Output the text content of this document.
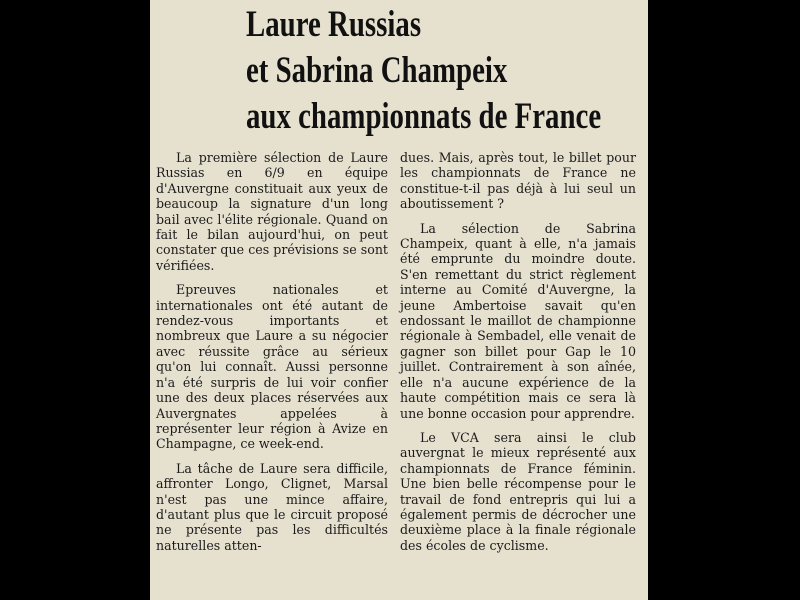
Laure Russias
et Sabrina Champeix
aux championnats de France

La première sélection de Laure Russias en 6/9 en équipe d'Auvergne constituait aux yeux de beaucoup la signature d'un long bail avec l'élite régionale. Quand on fait le bilan aujourd'hui, on peut constater que ces prévisions se sont vérifiées.

Epreuves nationales et internationales ont été autant de rendez-vous importants et nombreux que Laure a su négocier avec réussite grâce au sérieux qu'on lui connaît. Aussi personne n'a été surpris de lui voir confier une des deux places réservées aux Auvergnates appelées à représenter leur région à Avize en Champagne, ce week-end.

La tâche de Laure sera difficile, affronter Longo, Clignet, Marsal n'est pas une mince affaire, d'autant plus que le circuit proposé ne présente pas les difficultés naturelles atten-

dues. Mais, après tout, le billet pour les championnats de France ne constitue-t-il pas déjà à lui seul un aboutissement ?

La sélection de Sabrina Champeix, quant à elle, n'a jamais été emprunte du moindre doute. S'en remettant du strict règlement interne au Comité d'Auvergne, la jeune Ambertoise savait qu'en endossant le maillot de championne régionale à Sembadel, elle venait de gagner son billet pour Gap le 10 juillet. Contrairement à son aînée, elle n'a aucune expérience de la haute compétition mais ce sera là une bonne occasion pour apprendre.

Le VCA sera ainsi le club auvergnat le mieux représenté aux championnats de France féminin. Une bien belle récompense pour le travail de fond entrepris qui lui a également permis de décrocher une deuxième place à la finale régionale des écoles de cyclisme.
